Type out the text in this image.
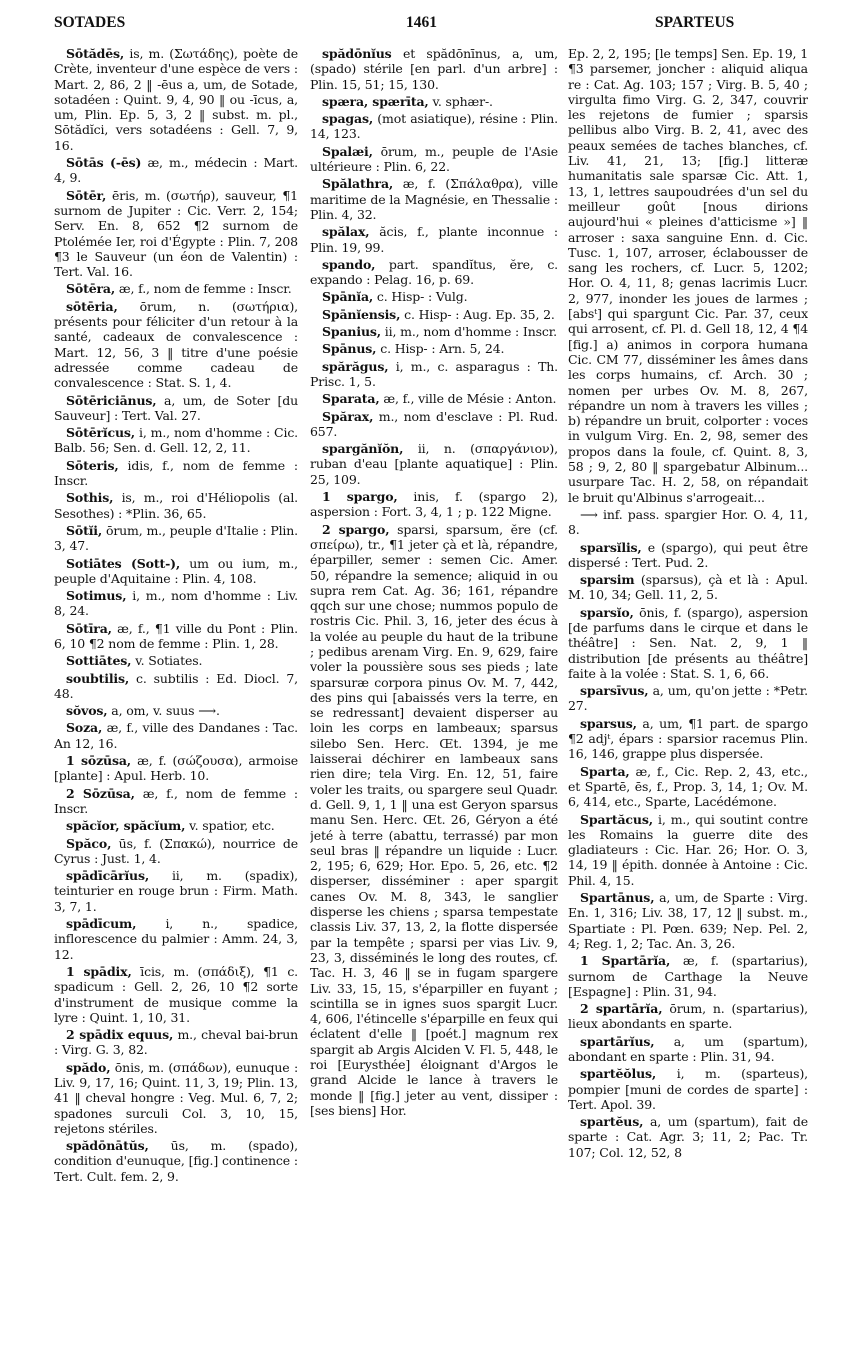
SOTADES	1461	SPARTEUS

Sōtădēs, is, m. (Σωτάδης), poète de Crète, inventeur d'une espèce de vers : Mart. 2, 86, 2 ‖ -ēus a, um, de Sotade, sotadéen : Quint. 9, 4, 90 ‖ ou -īcus, a, um, Plin. Ep. 5, 3, 2 ‖ subst. m. pl., Sōtădĭci, vers sotadéens : Gell. 7, 9, 16.

Sōtās (-ēs) æ, m., médecin : Mart. 4, 9.

Sōtēr, ēris, m. (σωτήρ), sauveur, ¶1 surnom de Jupiter : Cic. Verr. 2, 154; Serv. En. 8, 652 ¶2 surnom de Ptolémée Ier, roi d'Égypte : Plin. 7, 208 ¶3 le Sauveur (un éon de Valentin) : Tert. Val. 16.

Sōtēra, æ, f., nom de femme : Inscr.

sōtēria, ōrum, n. (σωτήρια), présents pour féliciter d'un retour à la santé, cadeaux de convalescence : Mart. 12, 56, 3 ‖ titre d'une poésie adressée comme cadeau de convalescence : Stat. S. 1, 4.

Sōtēriciānus, a, um, de Soter [du Sauveur] : Tert. Val. 27.

Sōtērĭcus, i, m., nom d'homme : Cic. Balb. 56; Sen. d. Gell. 12, 2, 11.

Sōteris, idis, f., nom de femme : Inscr.

Sothis, is, m., roi d'Héliopolis (al. Sesothes) : *Plin. 36, 65.

Sōtĭi, ōrum, m., peuple d'Italie : Plin. 3, 47.

Sotiātes (Sott-), um ou ium, m., peuple d'Aquitaine : Plin. 4, 108.

Sotimus, i, m., nom d'homme : Liv. 8, 24.

Sōtīra, æ, f., ¶1 ville du Pont : Plin. 6, 10 ¶2 nom de femme : Plin. 1, 28.

Sottiātes, v. Sotiates.

soubtilis, c. subtilis : Ed. Diocl. 7, 48.

sŏvos, a, om, v. suus ⟶.

Soza, æ, f., ville des Dandanes : Tac. An 12, 16.

1 sōzūsa, æ, f. (σώζουσα), armoise [plante] : Apul. Herb. 10.

2 Sōzūsa, æ, f., nom de femme : Inscr.

spăcĭor, spăcĭum, v. spatior, etc.

Spăco, ūs, f. (Σπακώ), nourrice de Cyrus : Just. 1, 4.

spādīcārĭus, ii, m. (spadix), teinturier en rouge brun : Firm. Math. 3, 7, 1.

spādīcum, i, n., spadice, inflorescence du palmier : Amm. 24, 3, 12.

1 spādix, īcis, m. (σπάδιξ), ¶1 c. spadicum : Gell. 2, 26, 10 ¶2 sorte d'instrument de musique comme la lyre : Quint. 1, 10, 31.

2 spādix equus, m., cheval bai-brun : Virg. G. 3, 82.

spădo, ōnis, m. (σπάδων), eunuque : Liv. 9, 17, 16; Quint. 11, 3, 19; Plin. 13, 41 ‖ cheval hongre : Veg. Mul. 6, 7, 2; spadones surculi Col. 3, 10, 15, rejetons stériles.

spădōnātŭs, ūs, m. (spado), condition d'eunuque, [fig.] continence : Tert. Cult. fem. 2, 9.

spădōnĭus et spădōnīnus, a, um, (spado) stérile [en parl. d'un arbre] : Plin. 15, 51; 15, 130.

spæra, spærīta, v. sphær-.

spagas, (mot asiatique), résine : Plin. 14, 123.

Spalæi, ōrum, m., peuple de l'Asie ultérieure : Plin. 6, 22.

Spălathra, æ, f. (Σπάλαθρα), ville maritime de la Magnésie, en Thessalie : Plin. 4, 32.

spălax, ăcis, f., plante inconnue : Plin. 19, 99.

spando, part. spandĭtus, ĕre, c. expando : Pelag. 16, p. 69.

Spānĭa, c. Hisp- : Vulg.

Spānĭensis, c. Hisp- : Aug. Ep. 35, 2.

Spanius, ii, m., nom d'homme : Inscr.

Spānus, c. Hisp- : Arn. 5, 24.

spărăgus, i, m., c. asparagus : Th. Prisc. 1, 5.

Sparata, æ, f., ville de Mésie : Anton.

Spărax, m., nom d'esclave : Pl. Rud. 657.

spargănĭŏn, ii, n. (σπαργάνιον), ruban d'eau [plante aquatique] : Plin. 25, 109.

1 spargo, inis, f. (spargo 2), aspersion : Fort. 3, 4, 1 ; p. 122 Migne.

2 spargo, sparsi, sparsum, ĕre (cf. σπείρω), tr., ¶1 jeter çà et là, répandre, éparpiller, semer : semen Cic. Amer. 50, répandre la semence; aliquid in ou supra rem Cat. Ag. 36; 161, répandre qqch sur une chose; nummos populo de rostris Cic. Phil. 3, 16, jeter des écus à la volée au peuple du haut de la tribune ; pedibus arenam Virg. En. 9, 629, faire voler la poussière sous ses pieds ; late sparsuræ corpora pinus Ov. M. 7, 442, des pins qui [abaissés vers la terre, en se redressant] devaient disperser au loin les corps en lambeaux; sparsus silebo Sen. Herc. Œt. 1394, je me laisserai déchirer en lambeaux sans rien dire; tela Virg. En. 12, 51, faire voler les traits, ou spargere seul Quadr. d. Gell. 9, 1, 1 ‖ una est Geryon sparsus manu Sen. Herc. Œt. 26, Géryon a été jeté à terre (abattu, terrassé) par mon seul bras ‖ répandre un liquide : Lucr. 2, 195; 6, 629; Hor. Epo. 5, 26, etc. ¶2 disperser, disséminer : aper spargit canes Ov. M. 8, 343, le sanglier disperse les chiens ; sparsa tempestate classis Liv. 37, 13, 2, la flotte dispersée par la tempête ; sparsi per vias Liv. 9, 23, 3, disséminés le long des routes, cf. Tac. H. 3, 46 ‖ se in fugam spargere Liv. 33, 15, 15, s'éparpiller en fuyant ; scintilla se in ignes suos spargit Lucr. 4, 606, l'étincelle s'éparpille en feux qui éclatent d'elle ‖ [poét.] magnum rex spargit ab Argis Alciden V. Fl. 5, 448, le roi [Eurysthée] éloignant d'Argos le grand Alcide le lance à travers le monde ‖ [fig.] jeter au vent, dissiper : [ses biens] Hor.

Ep. 2, 2, 195; [le temps] Sen. Ep. 19, 1 ¶3 parsemer, joncher : aliquid aliqua re : Cat. Ag. 103; 157 ; Virg. B. 5, 40 ; virgulta fimo Virg. G. 2, 347, couvrir les rejetons de fumier ; sparsis pellibus albo Virg. B. 2, 41, avec des peaux semées de taches blanches, cf. Liv. 41, 21, 13; [fig.] litteræ humanitatis sale sparsæ Cic. Att. 1, 13, 1, lettres saupoudrées d'un sel du meilleur goût [nous dirions aujourd'hui « pleines d'atticisme »] ‖ arroser : saxa sanguine Enn. d. Cic. Tusc. 1, 107, arroser, éclabousser de sang les rochers, cf. Lucr. 5, 1202; Hor. O. 4, 11, 8; genas lacrimis Lucr. 2, 977, inonder les joues de larmes ; [absᵗ] qui spargunt Cic. Par. 37, ceux qui arrosent, cf. Pl. d. Gell 18, 12, 4 ¶4 [fig.] a) animos in corpora humana Cic. CM 77, disséminer les âmes dans les corps humains, cf. Arch. 30 ; nomen per urbes Ov. M. 8, 267, répandre un nom à travers les villes ; b) répandre un bruit, colporter : voces in vulgum Virg. En. 2, 98, semer des propos dans la foule, cf. Quint. 8, 3, 58 ; 9, 2, 80 ‖ spargebatur Albinum... usurpare Tac. H. 2, 58, on répandait le bruit qu'Albinus s'arrogeait...

⟶ inf. pass. spargier Hor. O. 4, 11, 8.

sparsĭlis, e (spargo), qui peut être dispersé : Tert. Pud. 2.

sparsim (sparsus), çà et là : Apul. M. 10, 34; Gell. 11, 2, 5.

sparsĭo, ōnis, f. (spargo), aspersion [de parfums dans le cirque et dans le théâtre] : Sen. Nat. 2, 9, 1 ‖ distribution [de présents au théâtre] faite à la volée : Stat. S. 1, 6, 66.

sparsīvus, a, um, qu'on jette : *Petr. 27.

sparsus, a, um, ¶1 part. de spargo ¶2 adjᵗ, épars : sparsior racemus Plin. 16, 146, grappe plus dispersée.

Sparta, æ, f., Cic. Rep. 2, 43, etc., et Spartē, ēs, f., Prop. 3, 14, 1; Ov. M. 6, 414, etc., Sparte, Lacédémone.

Spartăcus, i, m., qui soutint contre les Romains la guerre dite des gladiateurs : Cic. Har. 26; Hor. O. 3, 14, 19 ‖ épith. donnée à Antoine : Cic. Phil. 4, 15.

Spartānus, a, um, de Sparte : Virg. En. 1, 316; Liv. 38, 17, 12 ‖ subst. m., Spartiate : Pl. Pœn. 639; Nep. Pel. 2, 4; Reg. 1, 2; Tac. An. 3, 26.

1 Spartārĭa, æ, f. (spartarius), surnom de Carthage la Neuve [Espagne] : Plin. 31, 94.

2 spartārĭa, ōrum, n. (spartarius), lieux abondants en sparte.

spartārĭus, a, um (spartum), abondant en sparte : Plin. 31, 94.

spartĕŏlus, i, m. (sparteus), pompier [muni de cordes de sparte] : Tert. Apol. 39.

spartĕus, a, um (spartum), fait de sparte : Cat. Agr. 3; 11, 2; Pac. Tr. 107; Col. 12, 52, 8
